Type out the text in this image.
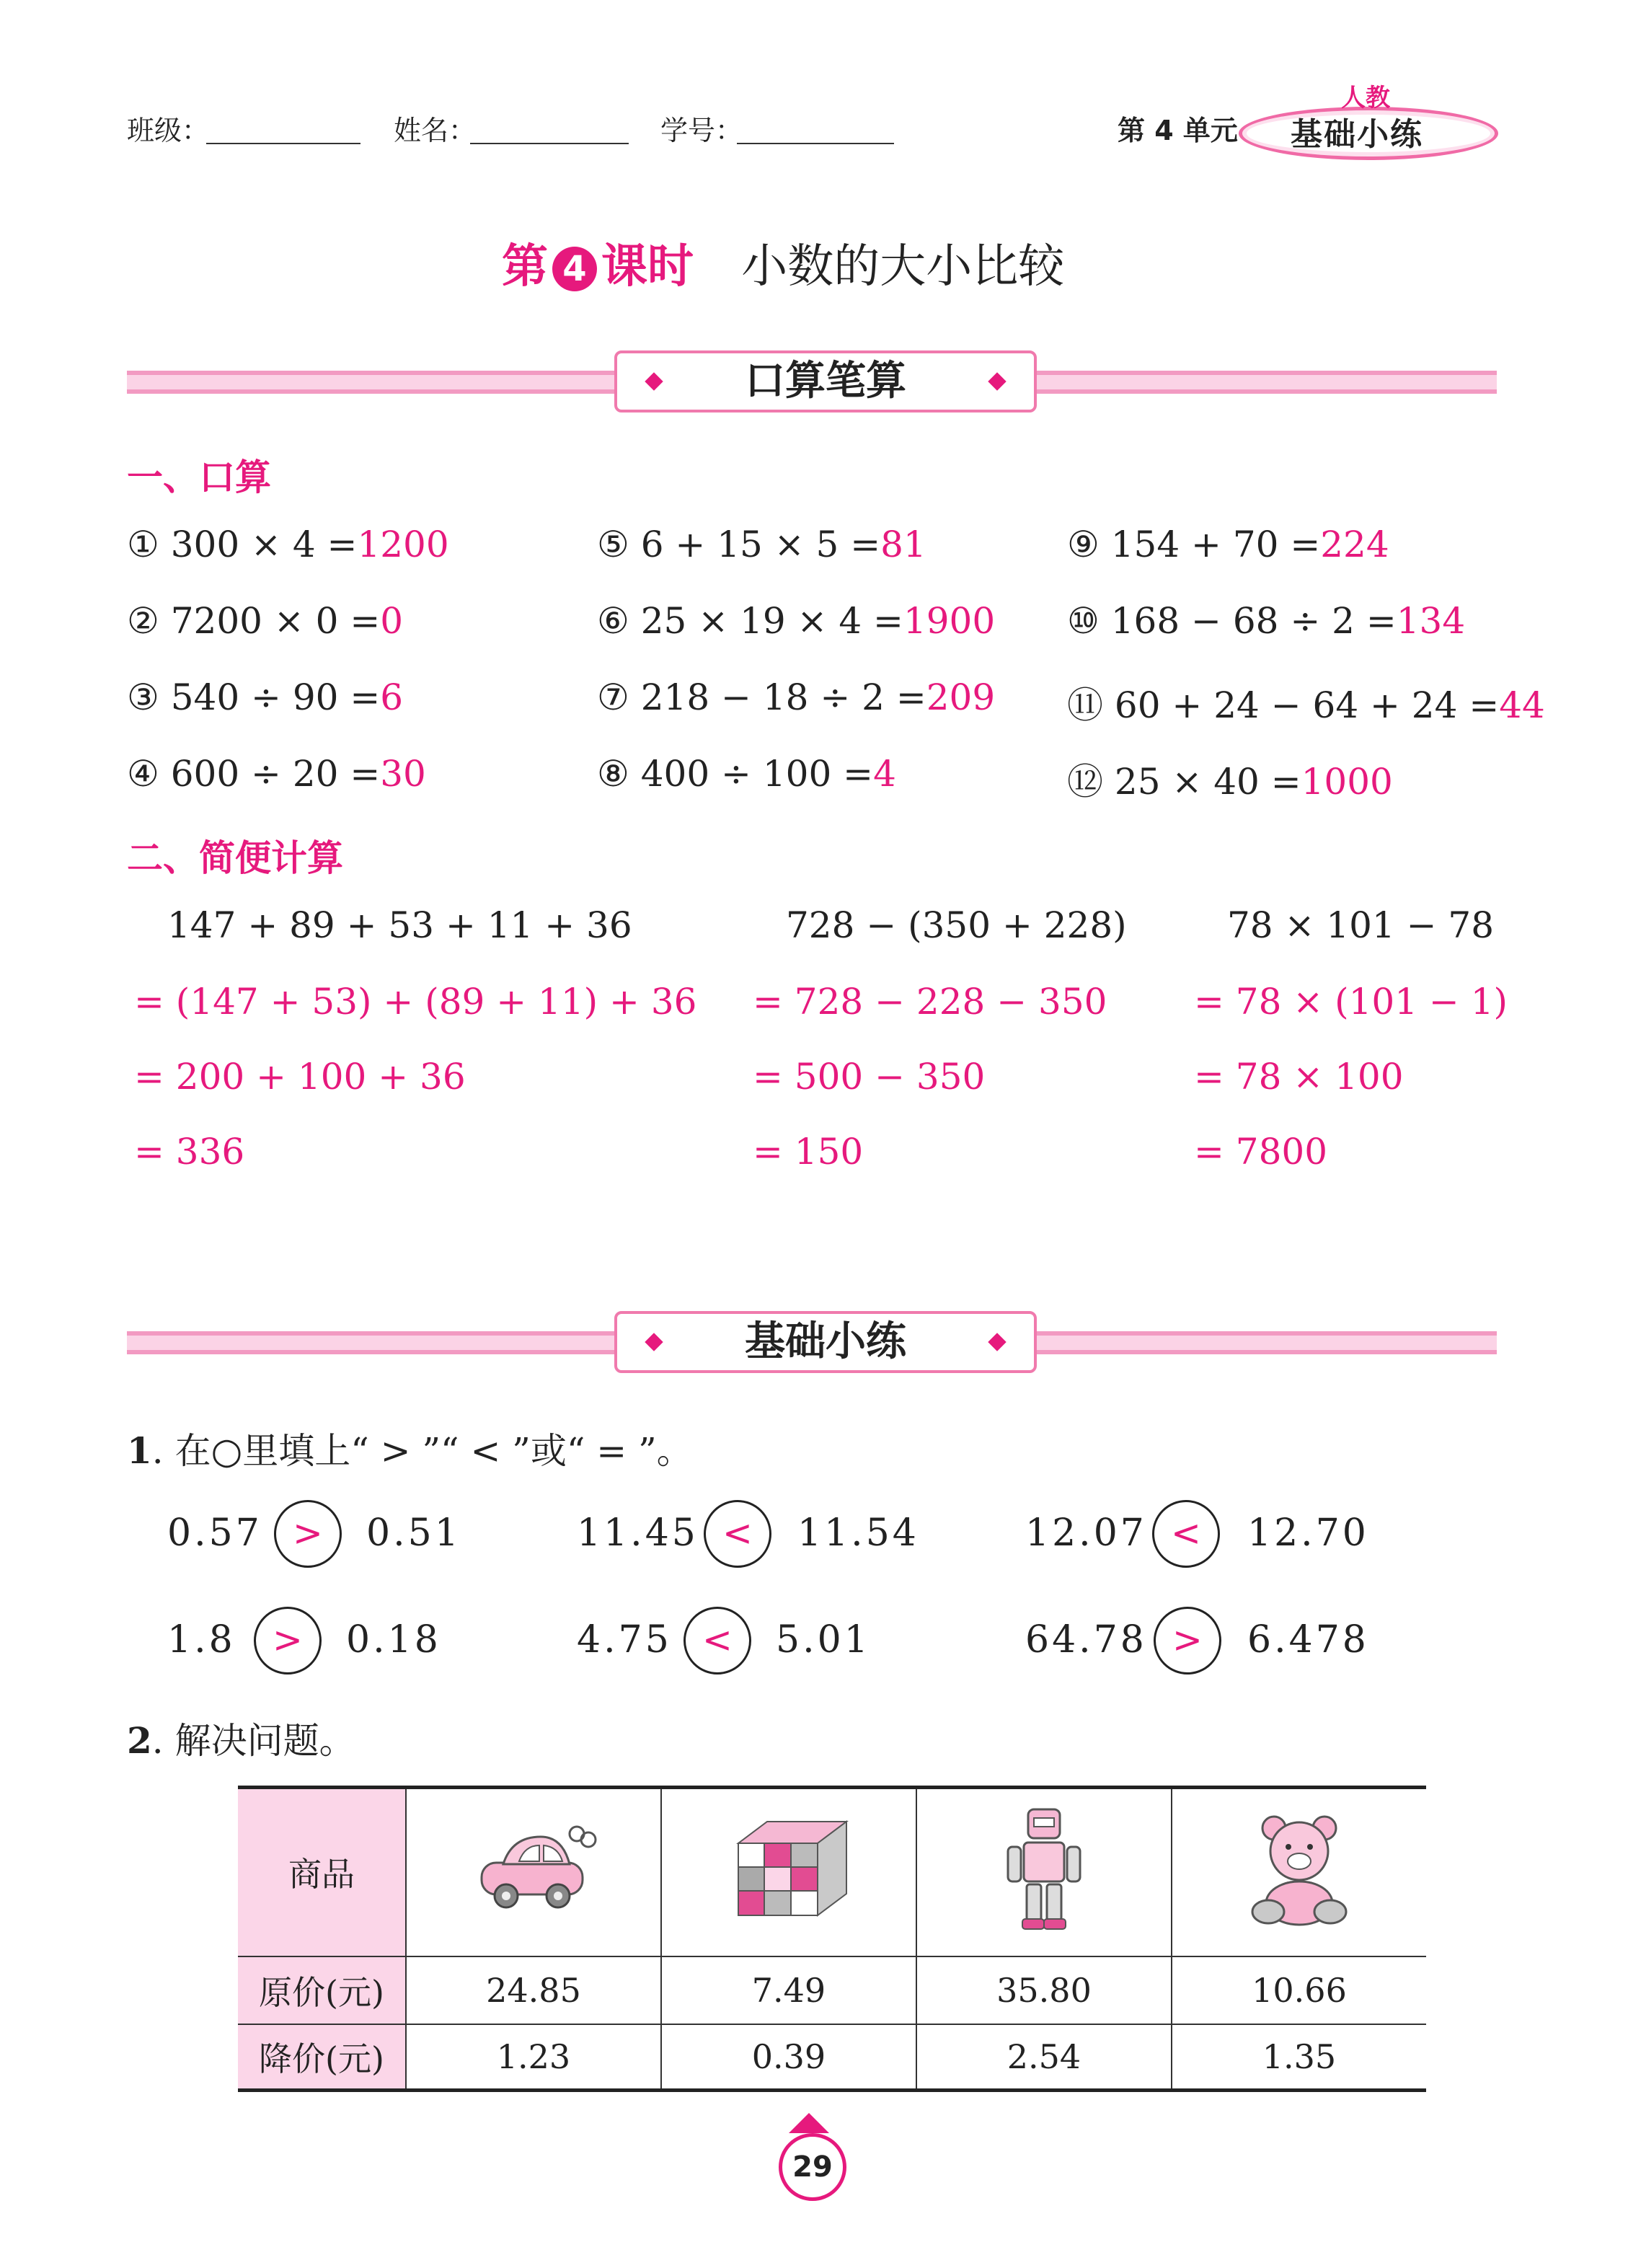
班级：	姓名：	学号：	第 4 单元
人教
基础小练
第 4 课时 小数的大小比较
口算笔算
一、口算
① 300 × 4 =1200	⑤ 6 + 15 × 5 =81	⑨ 154 + 70 =224
② 7200 × 0 =0	⑥ 25 × 19 × 4 =1900 ⑩ 168 − 68 ÷ 2 =134
③ 540 ÷ 90 =6	⑦ 218 − 18 ÷ 2 =209 ⑪ 60 + 24 − 64 + 24 =44
④ 600 ÷ 20 =30	⑧ 400 ÷ 100 =4	⑫ 25 × 40 =1000
二、简便计算
147 + 89 + 53 + 11 + 36
= (147 + 53) + (89 + 11) + 36
= 200 + 100 + 36
= 336
728 − (350 + 228)
= 728 − 228 − 350
= 500 − 350
= 150
78 × 101 − 78
= 78 × (101 − 1)
= 78 × 100
= 7800
基础小练
1. 在○里填上“ > ”“ < ”或“ = ”。
0.57 >	0.51	11.45 <	11.54	12.07 <	12.70
1.8	>	0.18	4.75 <	5.01	64.78 >	6.478
2. 解决问题。
商品				
原价(元)	24.85	7.49	35.80	10.66
降价(元)	1.23	0.39	2.54	1.35
29
